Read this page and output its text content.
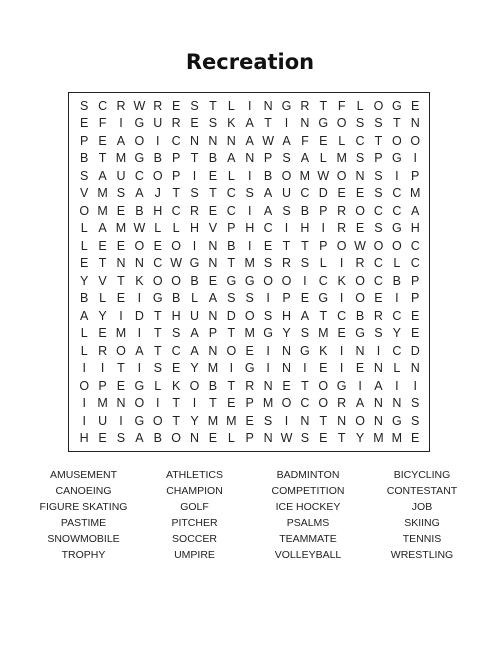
Recreation
S C R W R E S T L	I N G R T F L O G E
E F	I G U R E S K A T	I N G O S S T N
P E A O I C N N N A W A F E L C T O O
B T M G B P T B A N P S A L M S P G I
S A U C O P I E L	I B O M W O N S I P
V M S A J T S T C S A U C D E E S C M
O M E B H C R E C I A S B P R O C C A
L A M W L L H V P H C I H I R E S G H
L E E O E O I N B I E T T P O W O O C
E T N N C W G N T M S R S L	I R C L C
Y V T K O O B E G G O O I C K O C B P
B L E I G B L A S S I P E G I O E I P
A Y I D T H U N D O S H A T C B R C E
L E M I	T S A P T M G Y S M E G S Y E
L R O A T C A N O E I N G K I N I C D
I	I	T	I S E Y M I G I N I E I E N L N
O P E G L K O B T R N E T O G I A I	I
I M N O I	T	I	T E P M O C O R A N N S
I U I G O T Y M M E S I N T N O N G S
H E S A B O N E L P N W S E T Y M M E
AMUSEMENT	ATHLETICS	BADMINTON	BICYCLING
CANOEING	CHAMPION	COMPETITION	CONTESTANT
FIGURE SKATING	GOLF	ICE HOCKEY	JOB
PASTIME	PITCHER	PSALMS	SKIING
SNOWMOBILE	SOCCER	TEAMMATE	TENNIS
TROPHY	UMPIRE	VOLLEYBALL	WRESTLING
